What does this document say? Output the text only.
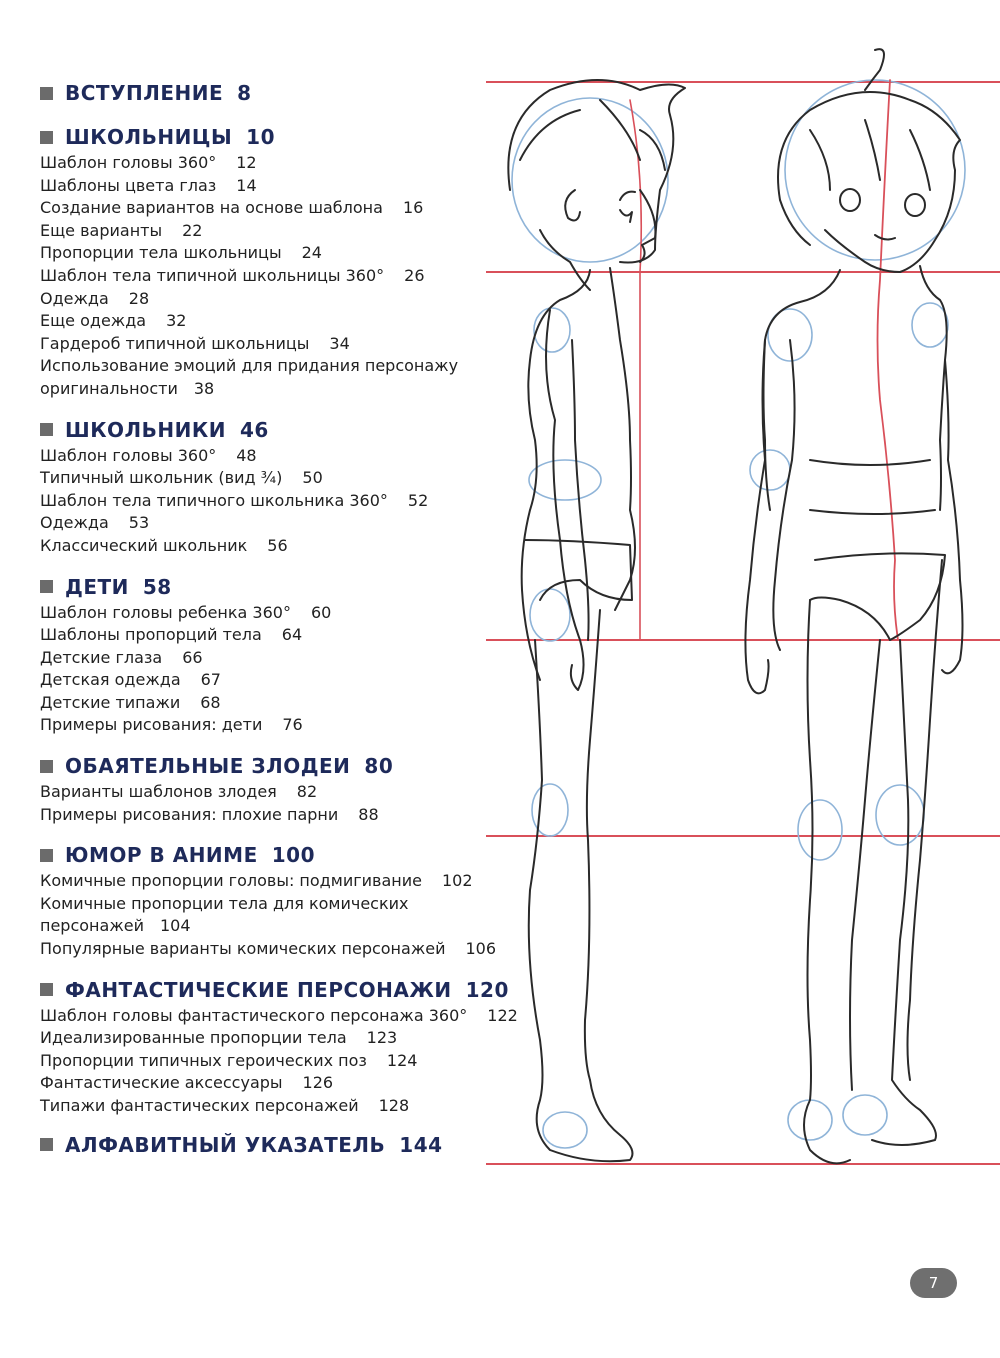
ВСТУПЛЕНИЕ 8
ШКОЛЬНИЦЫ 10
Шаблон головы 360° 12
Шаблоны цвета глаз 14
Создание вариантов на основе шаблона 16
Еще варианты 22
Пропорции тела школьницы 24
Шаблон тела типичной школьницы 360° 26
Одежда 28
Еще одежда 32
Гардероб типичной школьницы 34
Использование эмоций для придания персонажу оригинальности 38
ШКОЛЬНИКИ 46
Шаблон головы 360° 48
Типичный школьник (вид ¾) 50
Шаблон тела типичного школьника 360° 52
Одежда 53
Классический школьник 56
ДЕТИ 58
Шаблон головы ребенка 360° 60
Шаблоны пропорций тела 64
Детские глаза 66
Детская одежда 67
Детские типажи 68
Примеры рисования: дети 76
ОБАЯТЕЛЬНЫЕ ЗЛОДЕИ 80
Варианты шаблонов злодея 82
Примеры рисования: плохие парни 88
ЮМОР В АНИМЕ 100
Комичные пропорции головы: подмигивание 102
Комичные пропорции тела для комических персонажей 104
Популярные варианты комических персонажей 106
ФАНТАСТИЧЕСКИЕ ПЕРСОНАЖИ 120
Шаблон головы фантастического персонажа 360° 122
Идеализированные пропорции тела 123
Пропорции типичных героических поз 124
Фантастические аксессуары 126
Типажи фантастических персонажей 128
АЛФАВИТНЫЙ УКАЗАТЕЛЬ 144
7
